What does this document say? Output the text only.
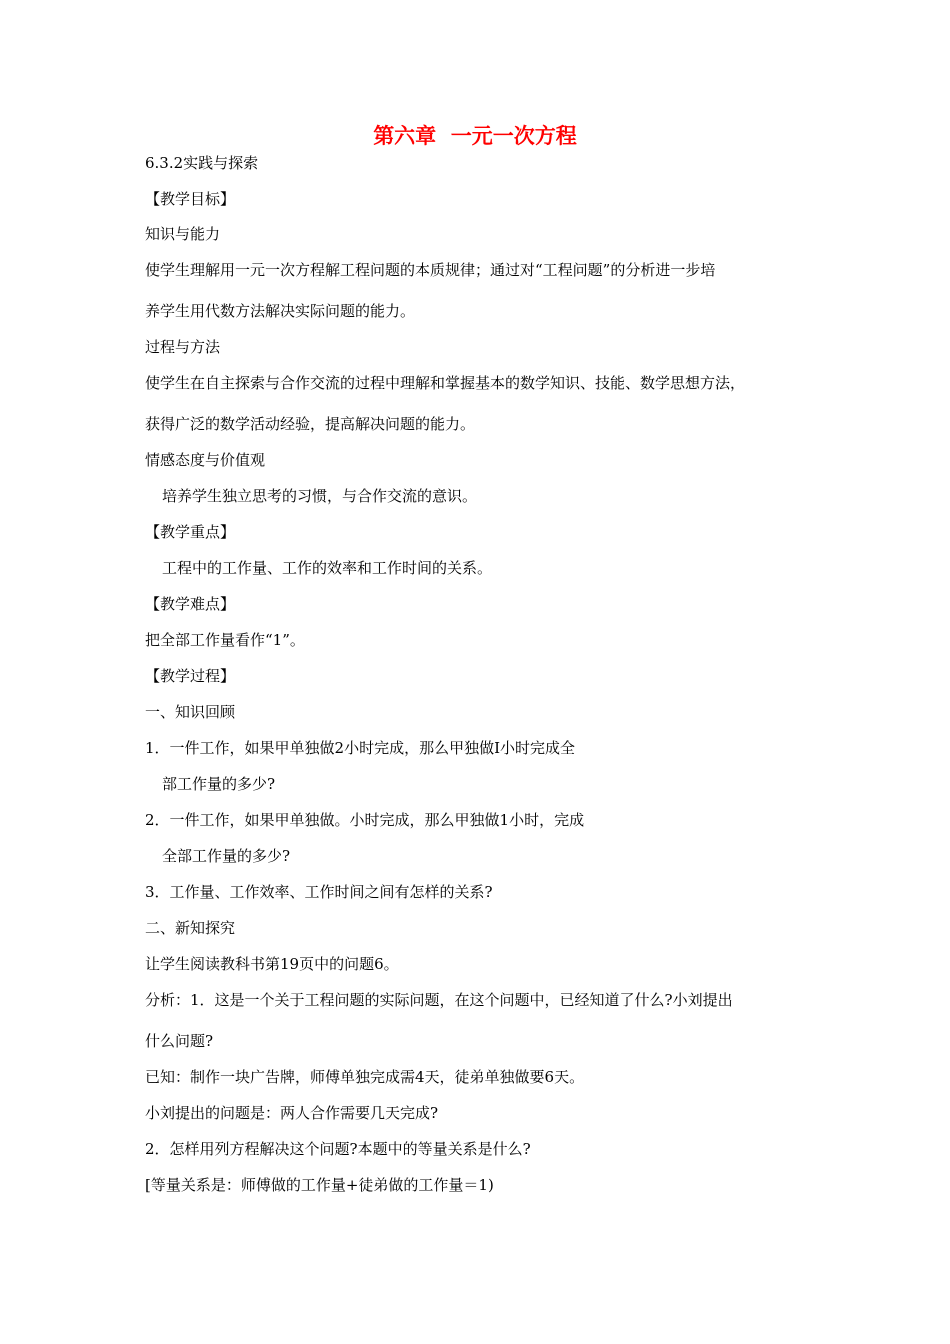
第六章  一元一次方程
6.3.2实践与探索
【教学目标】
知识与能力
使学生理解用一元一次方程解工程问题的本质规律；通过对“工程问题”的分析进一步培
养学生用代数方法解决实际问题的能力。
过程与方法
使学生在自主探索与合作交流的过程中理解和掌握基本的数学知识、技能、数学思想方法，
获得广泛的数学活动经验，提高解决问题的能力。
情感态度与价值观
培养学生独立思考的习惯，与合作交流的意识。
【教学重点】
工程中的工作量、工作的效率和工作时间的关系。
【教学难点】
把全部工作量看作“1”。
【教学过程】
一、知识回顾
1．一件工作，如果甲单独做2小时完成，那么甲独做I小时完成全
部工作量的多少?
2．一件工作，如果甲单独做。小时完成，那么甲独做1小时，完成
全部工作量的多少?
3．工作量、工作效率、工作时间之间有怎样的关系?
二、新知探究
让学生阅读教科书第19页中的问题6。
分析：1．这是一个关于工程问题的实际问题，在这个问题中，已经知道了什么?小刘提出
什么问题?
已知：制作一块广告牌，师傅单独完成需4天，徒弟单独做要6天。
小刘提出的问题是：两人合作需要几天完成?
2．怎样用列方程解决这个问题?本题中的等量关系是什么?
[等量关系是：师傅做的工作量+徒弟做的工作量＝1)
